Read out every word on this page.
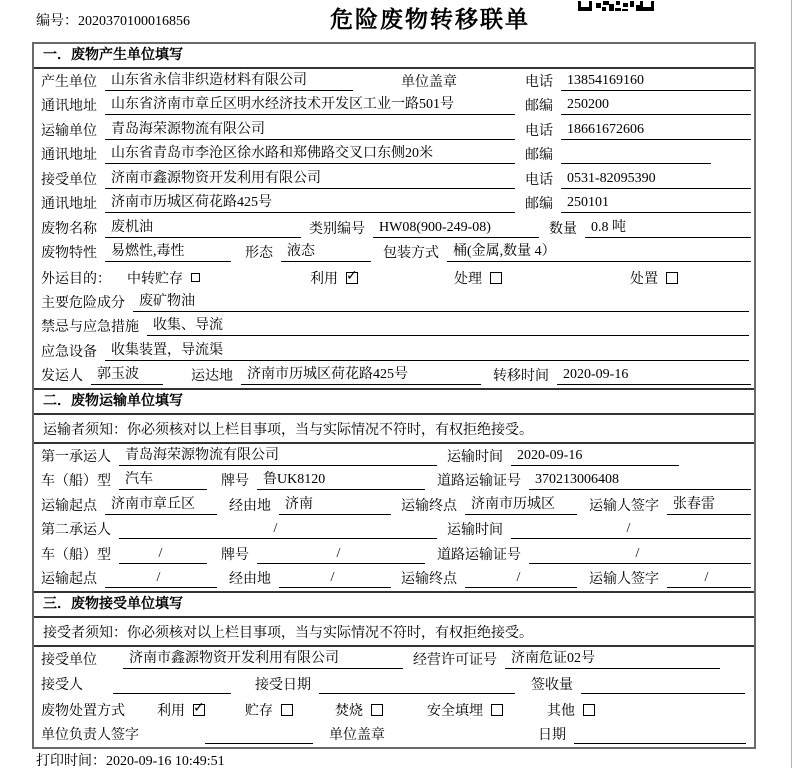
编号：2020370100016856	危险废物转移联单
一．废物产生单位填写
产生单位	山东省永信非织造材料有限公司	单位盖章	电话	13854169160
通讯地址	山东省济南市章丘区明水经济技术开发区工业一路501号	邮编	250200
运输单位	青岛海荣源物流有限公司	电话	18661672606
通讯地址	山东省青岛市李沧区徐水路和郑佛路交叉口东侧20米	邮编
接受单位	济南市鑫源物资开发利用有限公司	电话	0531-82095390
通讯地址	济南市历城区荷花路425号	邮编	250101
废物名称	废机油	类别编号	HW08(900-249-08)	数量	0.8 吨
废物特性	易燃性,毒性	形态	液态	包装方式	桶(金属,数量 4）
外运目的：	中转贮存	利用 ✓	处理	处置
主要危险成分	废矿物油
禁忌与应急措施	收集、导流
应急设备	收集装置，导流渠
发运人	郭玉波	运达地	济南市历城区荷花路425号	转移时间	2020-09-16
二．废物运输单位填写
运输者须知：你必须核对以上栏目事项，当与实际情况不符时，有权拒绝接受。
第一承运人	青岛海荣源物流有限公司	运输时间	2020-09-16
车（船）型	汽车	牌号	鲁UK8120	道路运输证号	370213006408
运输起点	济南市章丘区	经由地	济南	运输终点	济南市历城区	运输人签字	张春雷
第二承运人	/	运输时间	/
车（船）型	/	牌号	/	道路运输证号	/
运输起点	/	经由地	/	运输终点	/	运输人签字	/
三．废物接受单位填写
接受者须知：你必须核对以上栏目事项，当与实际情况不符时，有权拒绝接受。
接受单位	济南市鑫源物资开发利用有限公司	经营许可证号	济南危证02号
接受人	接受日期	签收量
废物处置方式	利用 ✓	贮存	焚烧	安全填埋	其他
单位负责人签字	单位盖章	日期
打印时间：2020-09-16 10:49:51
